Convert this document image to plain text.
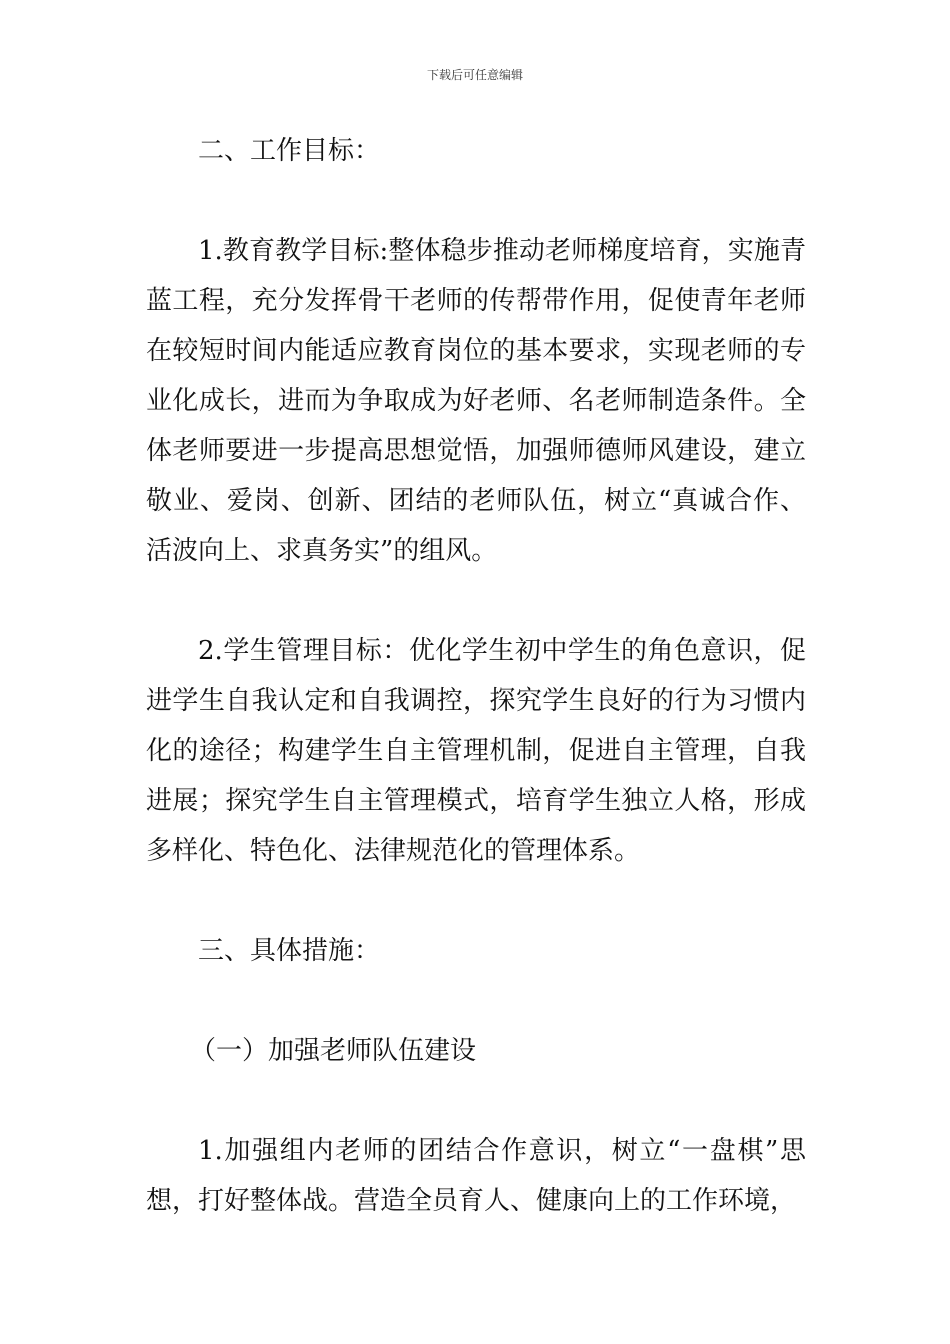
下载后可任意编辑

二、工作目标：

1.教育教学目标:整体稳步推动老师梯度培育，实施青蓝工程，充分发挥骨干老师的传帮带作用，促使青年老师在较短时间内能适应教育岗位的基本要求，实现老师的专业化成长，进而为争取成为好老师、名老师制造条件。全体老师要进一步提高思想觉悟，加强师德师风建设，建立敬业、爱岗、创新、团结的老师队伍，树立“真诚合作、活波向上、求真务实”的组风。

2.学生管理目标：优化学生初中学生的角色意识，促进学生自我认定和自我调控，探究学生良好的行为习惯内化的途径；构建学生自主管理机制，促进自主管理，自我进展；探究学生自主管理模式，培育学生独立人格，形成多样化、特色化、法律规范化的管理体系。

三、具体措施：

（一）加强老师队伍建设

1.加强组内老师的团结合作意识，树立“一盘棋”思想，打好整体战。营造全员育人、健康向上的工作环境，
